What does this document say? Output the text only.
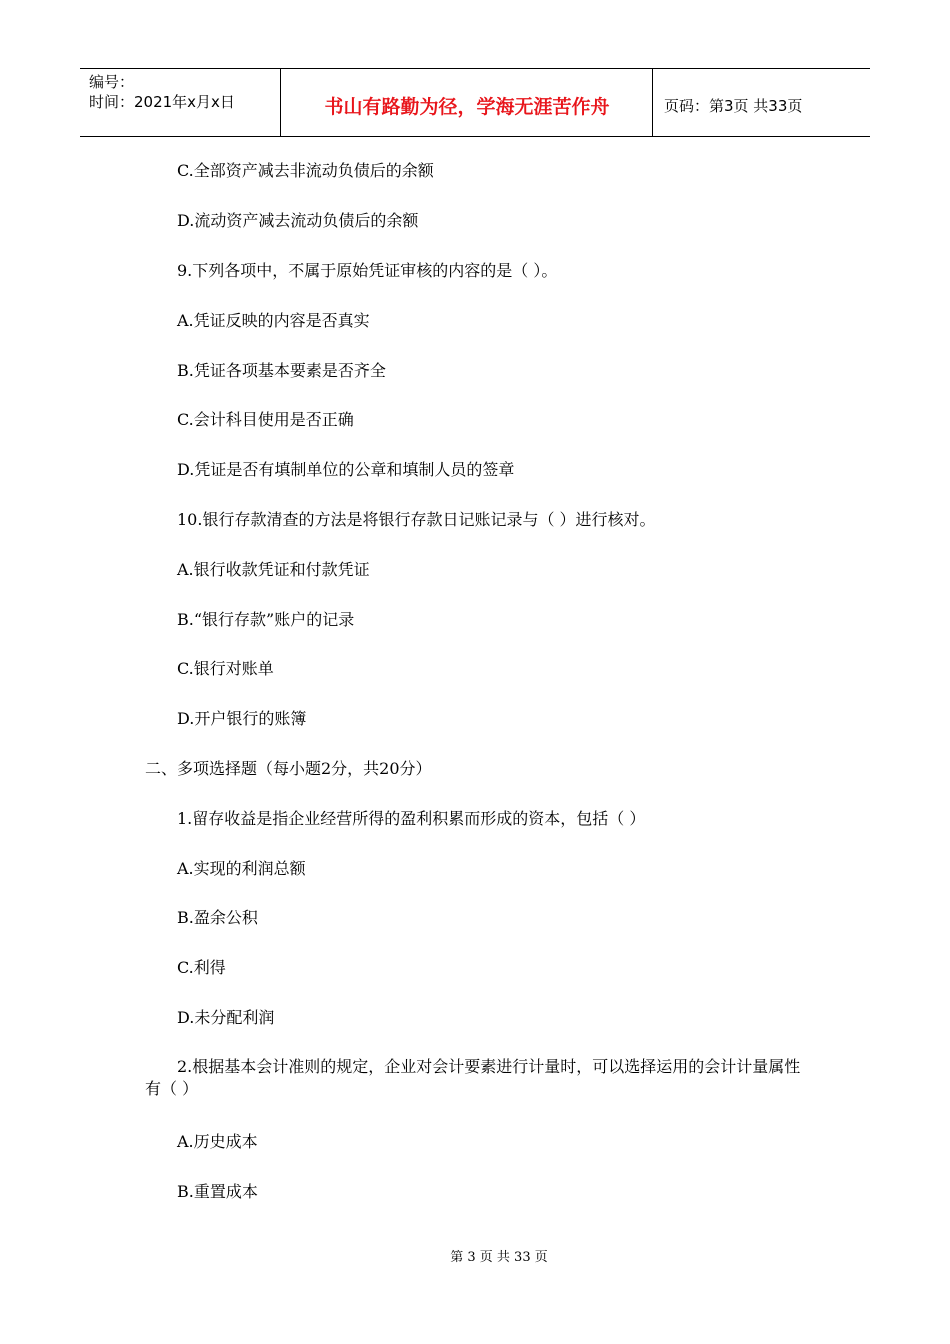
编号：
时间：2021年x月x日	书山有路勤为径，学海无涯苦作舟	页码：第3页 共33页
C.全部资产减去非流动负债后的余额
D.流动资产减去流动负债后的余额
9.下列各项中，不属于原始凭证审核的内容的是（ ）。
A.凭证反映的内容是否真实
B.凭证各项基本要素是否齐全
C.会计科目使用是否正确
D.凭证是否有填制单位的公章和填制人员的签章
10.银行存款清查的方法是将银行存款日记账记录与（ ）进行核对。
A.银行收款凭证和付款凭证
B.“银行存款”账户的记录
C.银行对账单
D.开户银行的账簿
二、多项选择题（每小题2分，共20分）
1.留存收益是指企业经营所得的盈利积累而形成的资本，包括（ ）
A.实现的利润总额
B.盈余公积
C.利得
D.未分配利润
2.根据基本会计准则的规定，企业对会计要素进行计量时，可以选择运用的会计计量属性有（ ）
A.历史成本
B.重置成本
第 3 页 共 33 页
